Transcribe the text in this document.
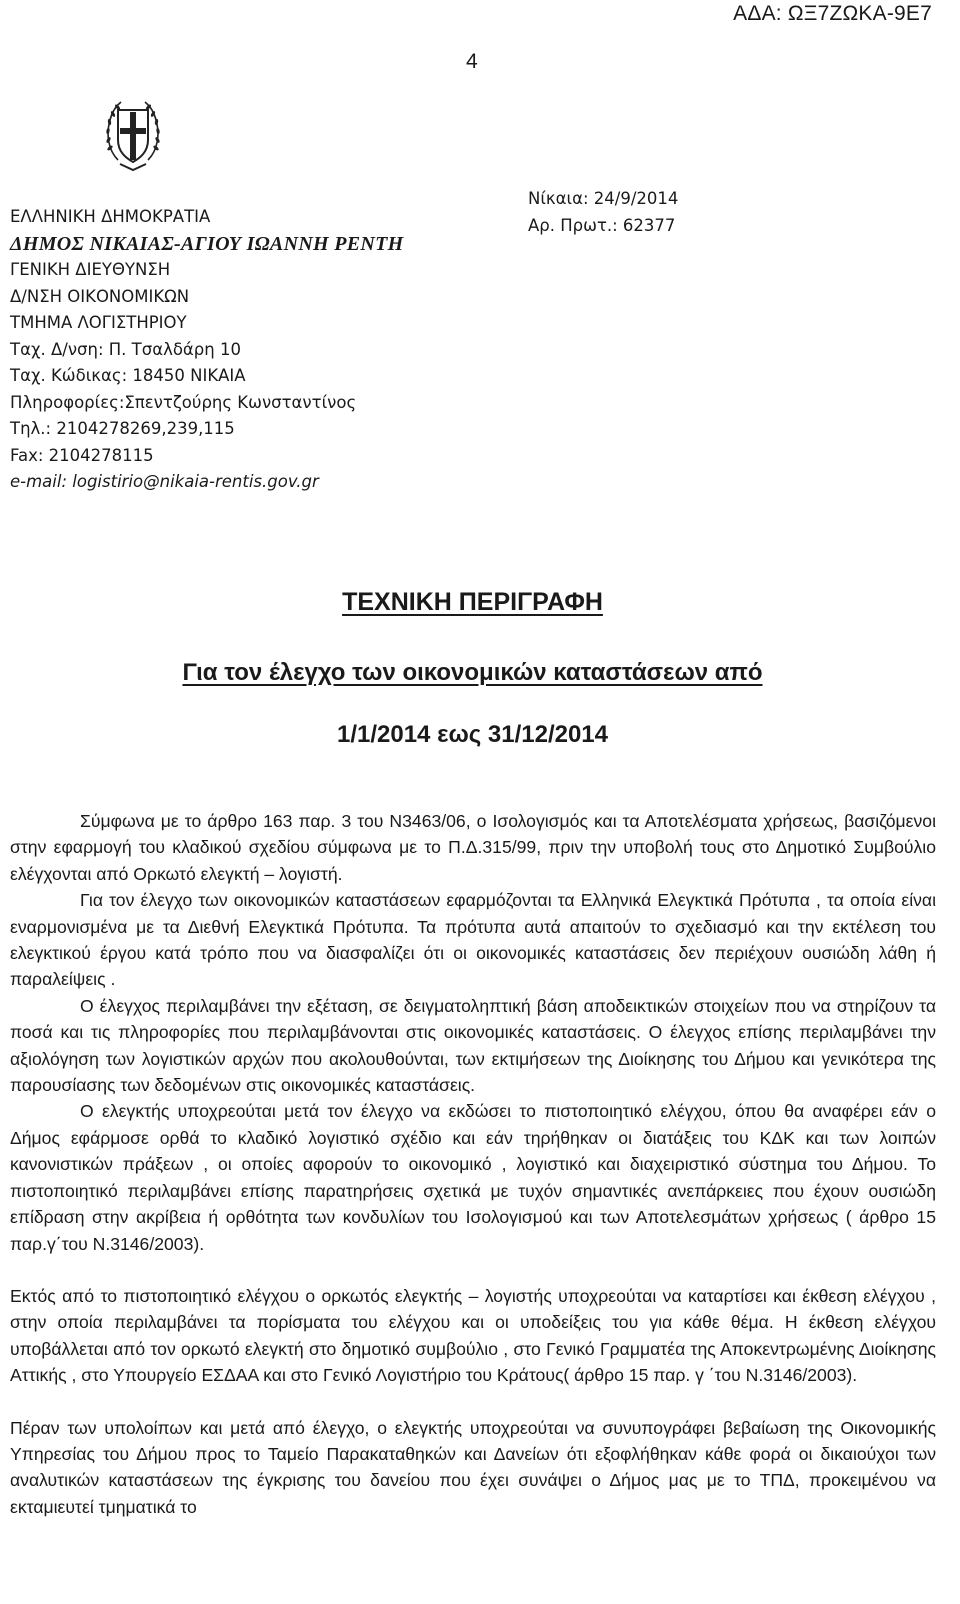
ΑΔΑ: ΩΞ7ΖΩΚΑ-9Ε7
4
ΕΛΛΗΝΙΚΗ ΔΗΜΟΚΡΑΤΙΑ
ΔΗΜΟΣ ΝΙΚΑΙΑΣ-ΑΓΙΟΥ ΙΩΑΝΝΗ ΡΕΝΤΗ
ΓΕΝΙΚΗ ΔΙΕΥΘΥΝΣΗ
Δ/ΝΣΗ ΟΙΚΟΝΟΜΙΚΩΝ
ΤΜΗΜΑ ΛΟΓΙΣΤΗΡΙΟΥ
Ταχ. Δ/νση: Π. Τσαλδάρη 10
Ταχ. Κώδικας: 18450 ΝΙΚΑΙΑ
Πληροφορίες:Σπεντζούρης Κωνσταντίνος
Τηλ.: 2104278269,239,115
Fax: 2104278115
e-mail: logistirio@nikaia-rentis.gov.gr
Νίκαια: 24/9/2014
Αρ. Πρωτ.: 62377
ΤΕΧΝΙΚΗ ΠΕΡΙΓΡΑΦΗ
Για τον έλεγχο των οικονομικών καταστάσεων από
1/1/2014 εως 31/12/2014

Σύμφωνα με το άρθρο 163 παρ. 3 του Ν3463/06, ο Ισολογισμός και τα Αποτελέσματα χρήσεως, βασιζόμενοι στην εφαρμογή του κλαδικού σχεδίου σύμφωνα με το Π.Δ.315/99, πριν την υποβολή τους στο Δημοτικό Συμβούλιο ελέγχονται από Ορκωτό ελεγκτή – λογιστή.

Για τον έλεγχο των οικονομικών καταστάσεων εφαρμόζονται τα Ελληνικά Ελεγκτικά Πρότυπα , τα οποία είναι εναρμονισμένα με τα Διεθνή Ελεγκτικά Πρότυπα. Τα πρότυπα αυτά απαιτούν το σχεδιασμό και την εκτέλεση του ελεγκτικού έργου κατά τρόπο που να διασφαλίζει ότι οι οικονομικές καταστάσεις δεν περιέχουν ουσιώδη λάθη ή παραλείψεις .

Ο έλεγχος περιλαμβάνει την εξέταση, σε δειγματοληπτική βάση αποδεικτικών στοιχείων που να στηρίζουν τα ποσά και τις πληροφορίες που περιλαμβάνονται στις οικονομικές καταστάσεις. Ο έλεγχος επίσης περιλαμβάνει την αξιολόγηση των λογιστικών αρχών που ακολουθούνται, των εκτιμήσεων της Διοίκησης του Δήμου και γενικότερα της παρουσίασης των δεδομένων στις οικονομικές καταστάσεις.

Ο ελεγκτής υποχρεούται μετά τον έλεγχο να εκδώσει το πιστοποιητικό ελέγχου, όπου θα αναφέρει εάν ο Δήμος εφάρμοσε ορθά το κλαδικό λογιστικό σχέδιο και εάν τηρήθηκαν οι διατάξεις του ΚΔΚ και των λοιπών κανονιστικών πράξεων , οι οποίες αφορούν το οικονομικό , λογιστικό και διαχειριστικό σύστημα του Δήμου. Το πιστοποιητικό περιλαμβάνει επίσης παρατηρήσεις σχετικά με τυχόν σημαντικές ανεπάρκειες που έχουν ουσιώδη επίδραση στην ακρίβεια ή ορθότητα των κονδυλίων του Ισολογισμού και των Αποτελεσμάτων χρήσεως ( άρθρο 15 παρ.γ΄του Ν.3146/2003).

Εκτός από το πιστοποιητικό ελέγχου ο ορκωτός ελεγκτής – λογιστής υποχρεούται να καταρτίσει και έκθεση ελέγχου , στην οποία περιλαμβάνει τα πορίσματα του ελέγχου και οι υποδείξεις του για κάθε θέμα. Η έκθεση ελέγχου υποβάλλεται από τον ορκωτό ελεγκτή στο δημοτικό συμβούλιο , στο Γενικό Γραμματέα της Αποκεντρωμένης Διοίκησης Αττικής , στο Υπουργείο ΕΣΔΑΑ και στο Γενικό Λογιστήριο του Κράτους( άρθρο 15 παρ. γ ΄του Ν.3146/2003).

Πέραν των υπολοίπων και μετά από έλεγχο, ο ελεγκτής υποχρεούται να συνυπογράφει βεβαίωση της Οικονομικής Υπηρεσίας του Δήμου προς το Ταμείο Παρακαταθηκών και Δανείων ότι εξοφλήθηκαν κάθε φορά οι δικαιούχοι των αναλυτικών καταστάσεων της έγκρισης του δανείου που έχει συνάψει ο Δήμος μας με το ΤΠΔ, προκειμένου να εκταμιευτεί τμηματικά το
